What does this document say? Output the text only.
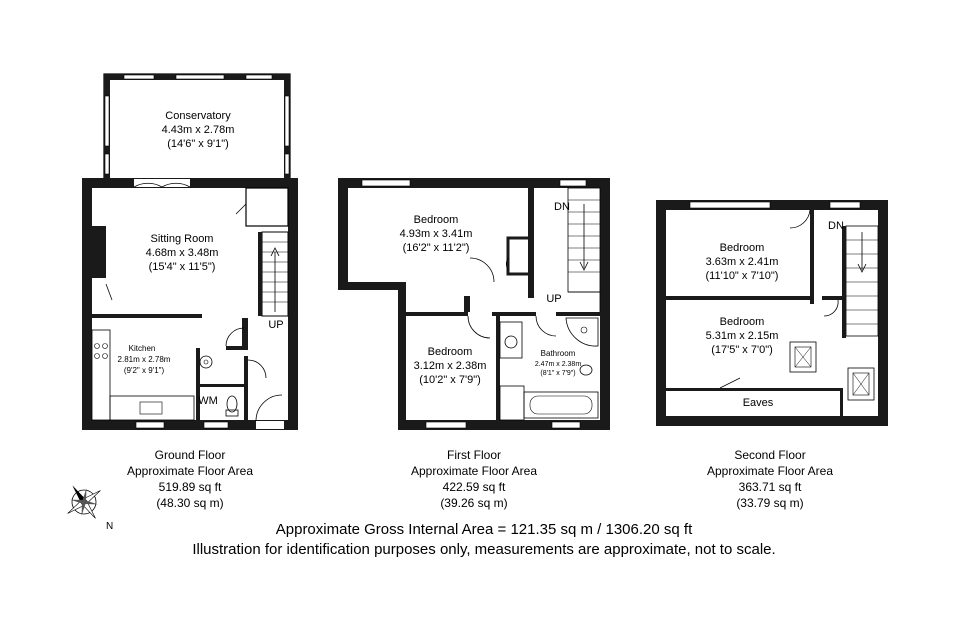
Conservatory
4.43m x 2.78m
(14'6" x 9'1")
Sitting Room
4.68m x 3.48m
(15'4" x 11'5")
Kitchen
2.81m x 2.78m
(9'2" x 9'1")
WM
UP
Bedroom
4.93m x 3.41m
(16'2" x 11'2")
Bedroom
3.12m x 2.38m
(10'2" x 7'9")
Bathroom
2.47m x 2.38m
(8'1" x 7'9")
DN
UP
Bedroom
3.63m x 2.41m
(11'10" x 7'10")
Bedroom
5.31m x 2.15m
(17'5" x 7'0")
Eaves
DN
Ground Floor
Approximate Floor Area
519.89 sq ft
(48.30 sq m)
First Floor
Approximate Floor Area
422.59 sq ft
(39.26 sq m)
Second Floor
Approximate Floor Area
363.71 sq ft
(33.79 sq m)
N	Approximate Gross Internal Area = 121.35 sq m / 1306.20 sq ft
Illustration for identification purposes only, measurements are approximate, not to scale.
